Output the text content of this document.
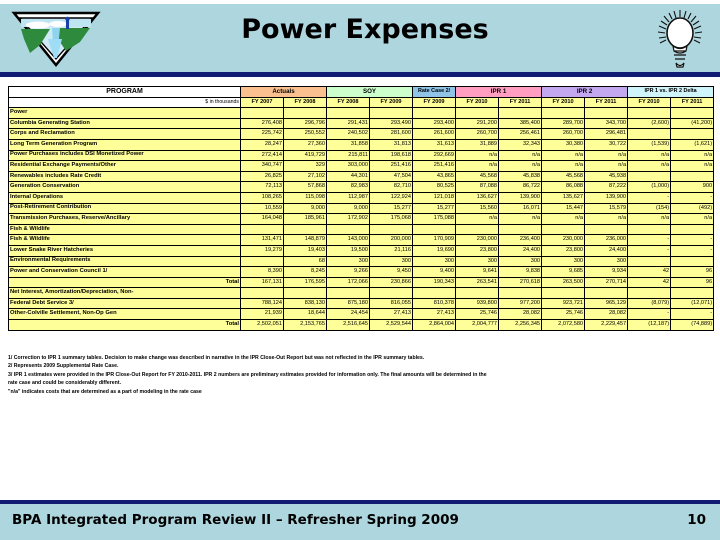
Power Expenses
PROGRAM	Actuals		SOY		Rate Case 2/	IPR 1		IPR 2		IPR 1 vs. IPR 2 Delta	
$ in thousands	FY 2007	FY 2008	FY 2008	FY 2009	FY 2009	FY 2010	FY 2011	FY 2010	FY 2011	FY 2010	FY 2011
Power											
Columbia Generating Station	276,408	296,796	291,431	293,490	293,400	291,200	385,400	289,700	343,700	(2,600)	(41,200)
Corps and Reclamation	225,742	250,552	240,502	281,600	261,600	260,700	256,461	260,700	296,481		
Long Term Generation Program	28,247	27,360	31,858	31,813	31,613	31,889	32,343	30,380	30,722	(1,539)	(1,621)
Power Purchases includes DSI Monetized Power	272,414	419,729	215,811	198,618	292,669	n/a	n/a	n/a	n/a	n/a	n/a
Residential Exchange Payments/Other	340,747	329	303,000	251,416	251,416	n/a	n/a	n/a	n/a	n/a	n/a
Renewables includes Rate Credit	26,825	27,102	44,301	47,504	43,865	45,568	45,838	45,568	45,938		
Generation Conservation	72,113	57,868	82,983	82,710	80,525	87,088	86,722	86,088	87,222	(1,000)	900
Internal Operations	108,265	115,098	112,987	122,924	121,018	136,627	139,900	135,627	139,900	-	-
Post-Retirement Contribution	10,559	9,000	9,000	15,277	15,277	15,560	16,071	15,447	15,579	(154)	(492)
Transmission Purchases, Reserve/Ancillary	164,048	185,961	172,902	175,068	175,088	n/a	n/a	n/a	n/a	n/a	n/a
Fish & Wildlife											
Fish & Wildlife	131,471	148,879	143,000	200,000	170,909	230,000	236,400	230,000	236,000	-	-
Lower Snake River Hatcheries	19,279	19,403	19,500	21,116	19,690	23,800	24,400	23,800	24,400	-	-
Environmental Requirements		68	300	300	300	300	300	300	300		
Power and Conservation Council 1/	8,390	8,245	9,266	9,450	9,400	9,641	9,838	9,685	9,934	42	96
Total	167,131	176,595	172,066	230,866	190,343	263,541	270,618	263,500	270,714	42	96
Net Interest, Amortization/Depreciation, Non-											
Federal Debt Service 3/	788,124	838,130	875,180	816,055	810,378	939,800	977,200	923,721	965,129	(8,079)	(12,071)
Other-Colville Settlement, Non-Op Gen	21,939	18,644	24,454	27,413	27,413	25,746	28,082	25,746	28,082	-	-
Total	2,502,051	2,153,765	2,516,645	2,529,544	2,864,004	2,004,777	2,256,345	2,072,580	2,229,457	(12,187)	(74,889)
1/ Correction to IPR 1 summary tables. Decision to make change was described in narrative in the IPR Close-Out Report but was not reflected in the IPR summary tables.
2/ Represents 2009 Supplemental Rate Case.
3/ IPR 1 estimates were provided in the IPR Close-Out Report for FY 2010-2011. IPR 2 numbers are preliminary estimates provided for information only. The final amounts will be determined in the
rate case and could be considerably different.
"n/a" indicates costs that are determined as a part of modeling in the rate case
BPA Integrated Program Review II – Refresher Spring 2009	10
